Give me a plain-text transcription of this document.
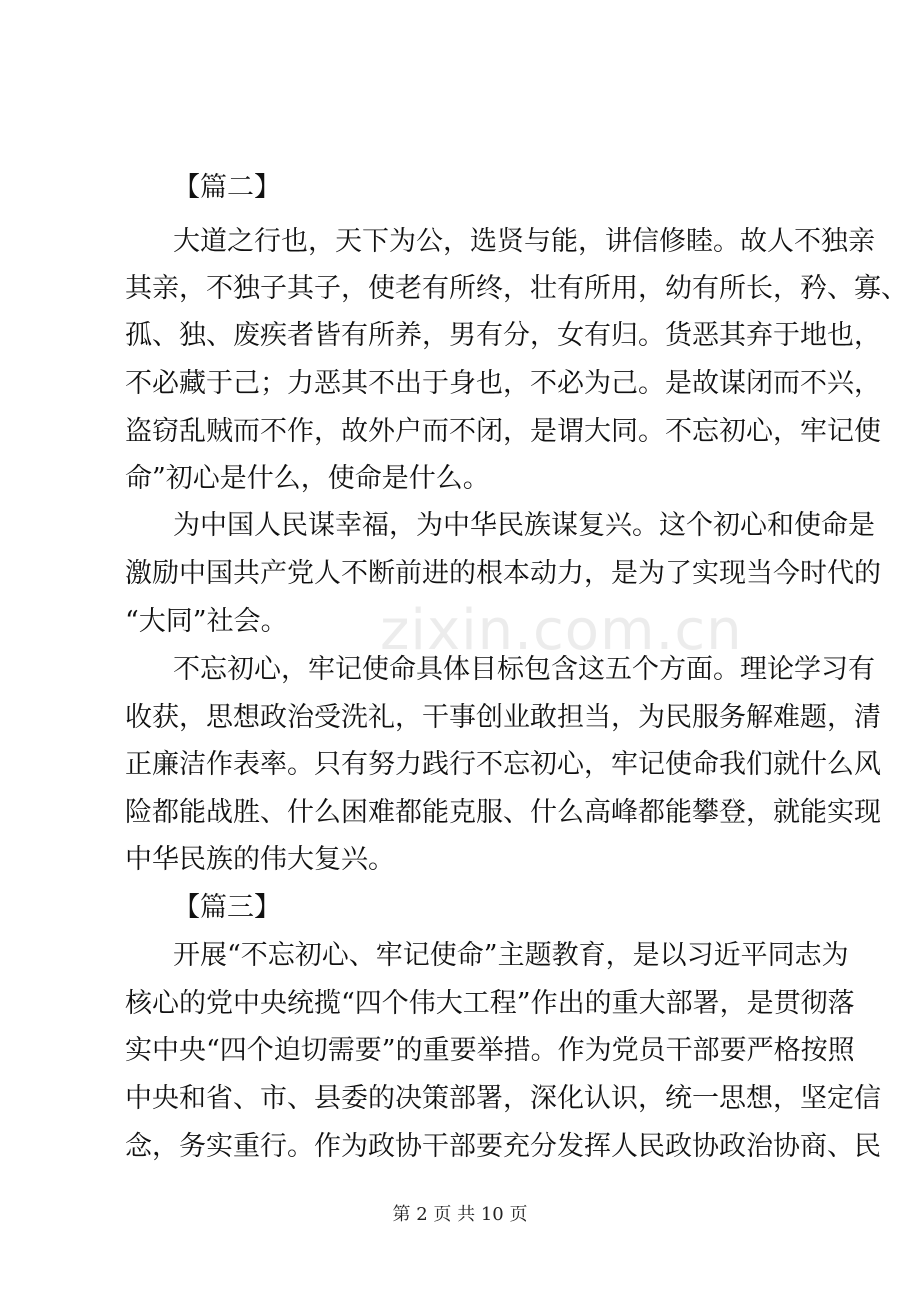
【篇二】
大道之行也，天下为公，选贤与能，讲信修睦。故人不独亲
其亲，不独子其子，使老有所终，壮有所用，幼有所长，矜、寡、
孤、独、废疾者皆有所养，男有分，女有归。货恶其弃于地也，
不必藏于己；力恶其不出于身也，不必为己。是故谋闭而不兴，
盗窃乱贼而不作，故外户而不闭，是谓大同。不忘初心，牢记使
命”初心是什么，使命是什么。
为中国人民谋幸福，为中华民族谋复兴。这个初心和使命是
激励中国共产党人不断前进的根本动力，是为了实现当今时代的
“大同”社会。
不忘初心，牢记使命具体目标包含这五个方面。理论学习有
收获，思想政治受洗礼，干事创业敢担当，为民服务解难题，清
正廉洁作表率。只有努力践行不忘初心，牢记使命我们就什么风
险都能战胜、什么困难都能克服、什么高峰都能攀登，就能实现
中华民族的伟大复兴。
【篇三】
开展“不忘初心、牢记使命”主题教育，是以习近平同志为
核心的党中央统揽“四个伟大工程”作出的重大部署，是贯彻落
实中央“四个迫切需要”的重要举措。作为党员干部要严格按照
中央和省、市、县委的决策部署，深化认识，统一思想，坚定信
念，务实重行。作为政协干部要充分发挥人民政协政治协商、民
zixin.com.cn
第 2 页 共 10 页
